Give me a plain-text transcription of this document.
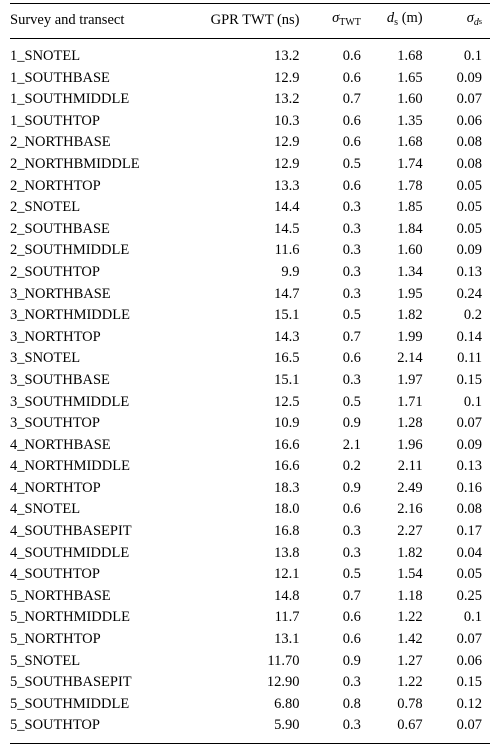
Survey and transect	GPR TWT (ns)	$\sigma_{TWT}$	$d_s$ (m)	$\sigma_ds$
1_SNOTEL	13.2	0.6	1.68	0.1
1_SOUTHBASE	12.9	0.6	1.65	0.09
1_SOUTHMIDDLE	13.2	0.7	1.60	0.07
1_SOUTHTOP	10.3	0.6	1.35	0.06
2_NORTHBASE	12.9	0.6	1.68	0.08
2_NORTHBMIDDLE	12.9	0.5	1.74	0.08
2_NORTHTOP	13.3	0.6	1.78	0.05
2_SNOTEL	14.4	0.3	1.85	0.05
2_SOUTHBASE	14.5	0.3	1.84	0.05
2_SOUTHMIDDLE	11.6	0.3	1.60	0.09
2_SOUTHTOP	9.9	0.3	1.34	0.13
3_NORTHBASE	14.7	0.3	1.95	0.24
3_NORTHMIDDLE	15.1	0.5	1.82	0.2
3_NORTHTOP	14.3	0.7	1.99	0.14
3_SNOTEL	16.5	0.6	2.14	0.11
3_SOUTHBASE	15.1	0.3	1.97	0.15
3_SOUTHMIDDLE	12.5	0.5	1.71	0.1
3_SOUTHTOP	10.9	0.9	1.28	0.07
4_NORTHBASE	16.6	2.1	1.96	0.09
4_NORTHMIDDLE	16.6	0.2	2.11	0.13
4_NORTHTOP	18.3	0.9	2.49	0.16
4_SNOTEL	18.0	0.6	2.16	0.08
4_SOUTHBASEPIT	16.8	0.3	2.27	0.17
4_SOUTHMIDDLE	13.8	0.3	1.82	0.04
4_SOUTHTOP	12.1	0.5	1.54	0.05
5_NORTHBASE	14.8	0.7	1.18	0.25
5_NORTHMIDDLE	11.7	0.6	1.22	0.1
5_NORTHTOP	13.1	0.6	1.42	0.07
5_SNOTEL	11.70	0.9	1.27	0.06
5_SOUTHBASEPIT	12.90	0.3	1.22	0.15
5_SOUTHMIDDLE	6.80	0.8	0.78	0.12
5_SOUTHTOP	5.90	0.3	0.67	0.07
